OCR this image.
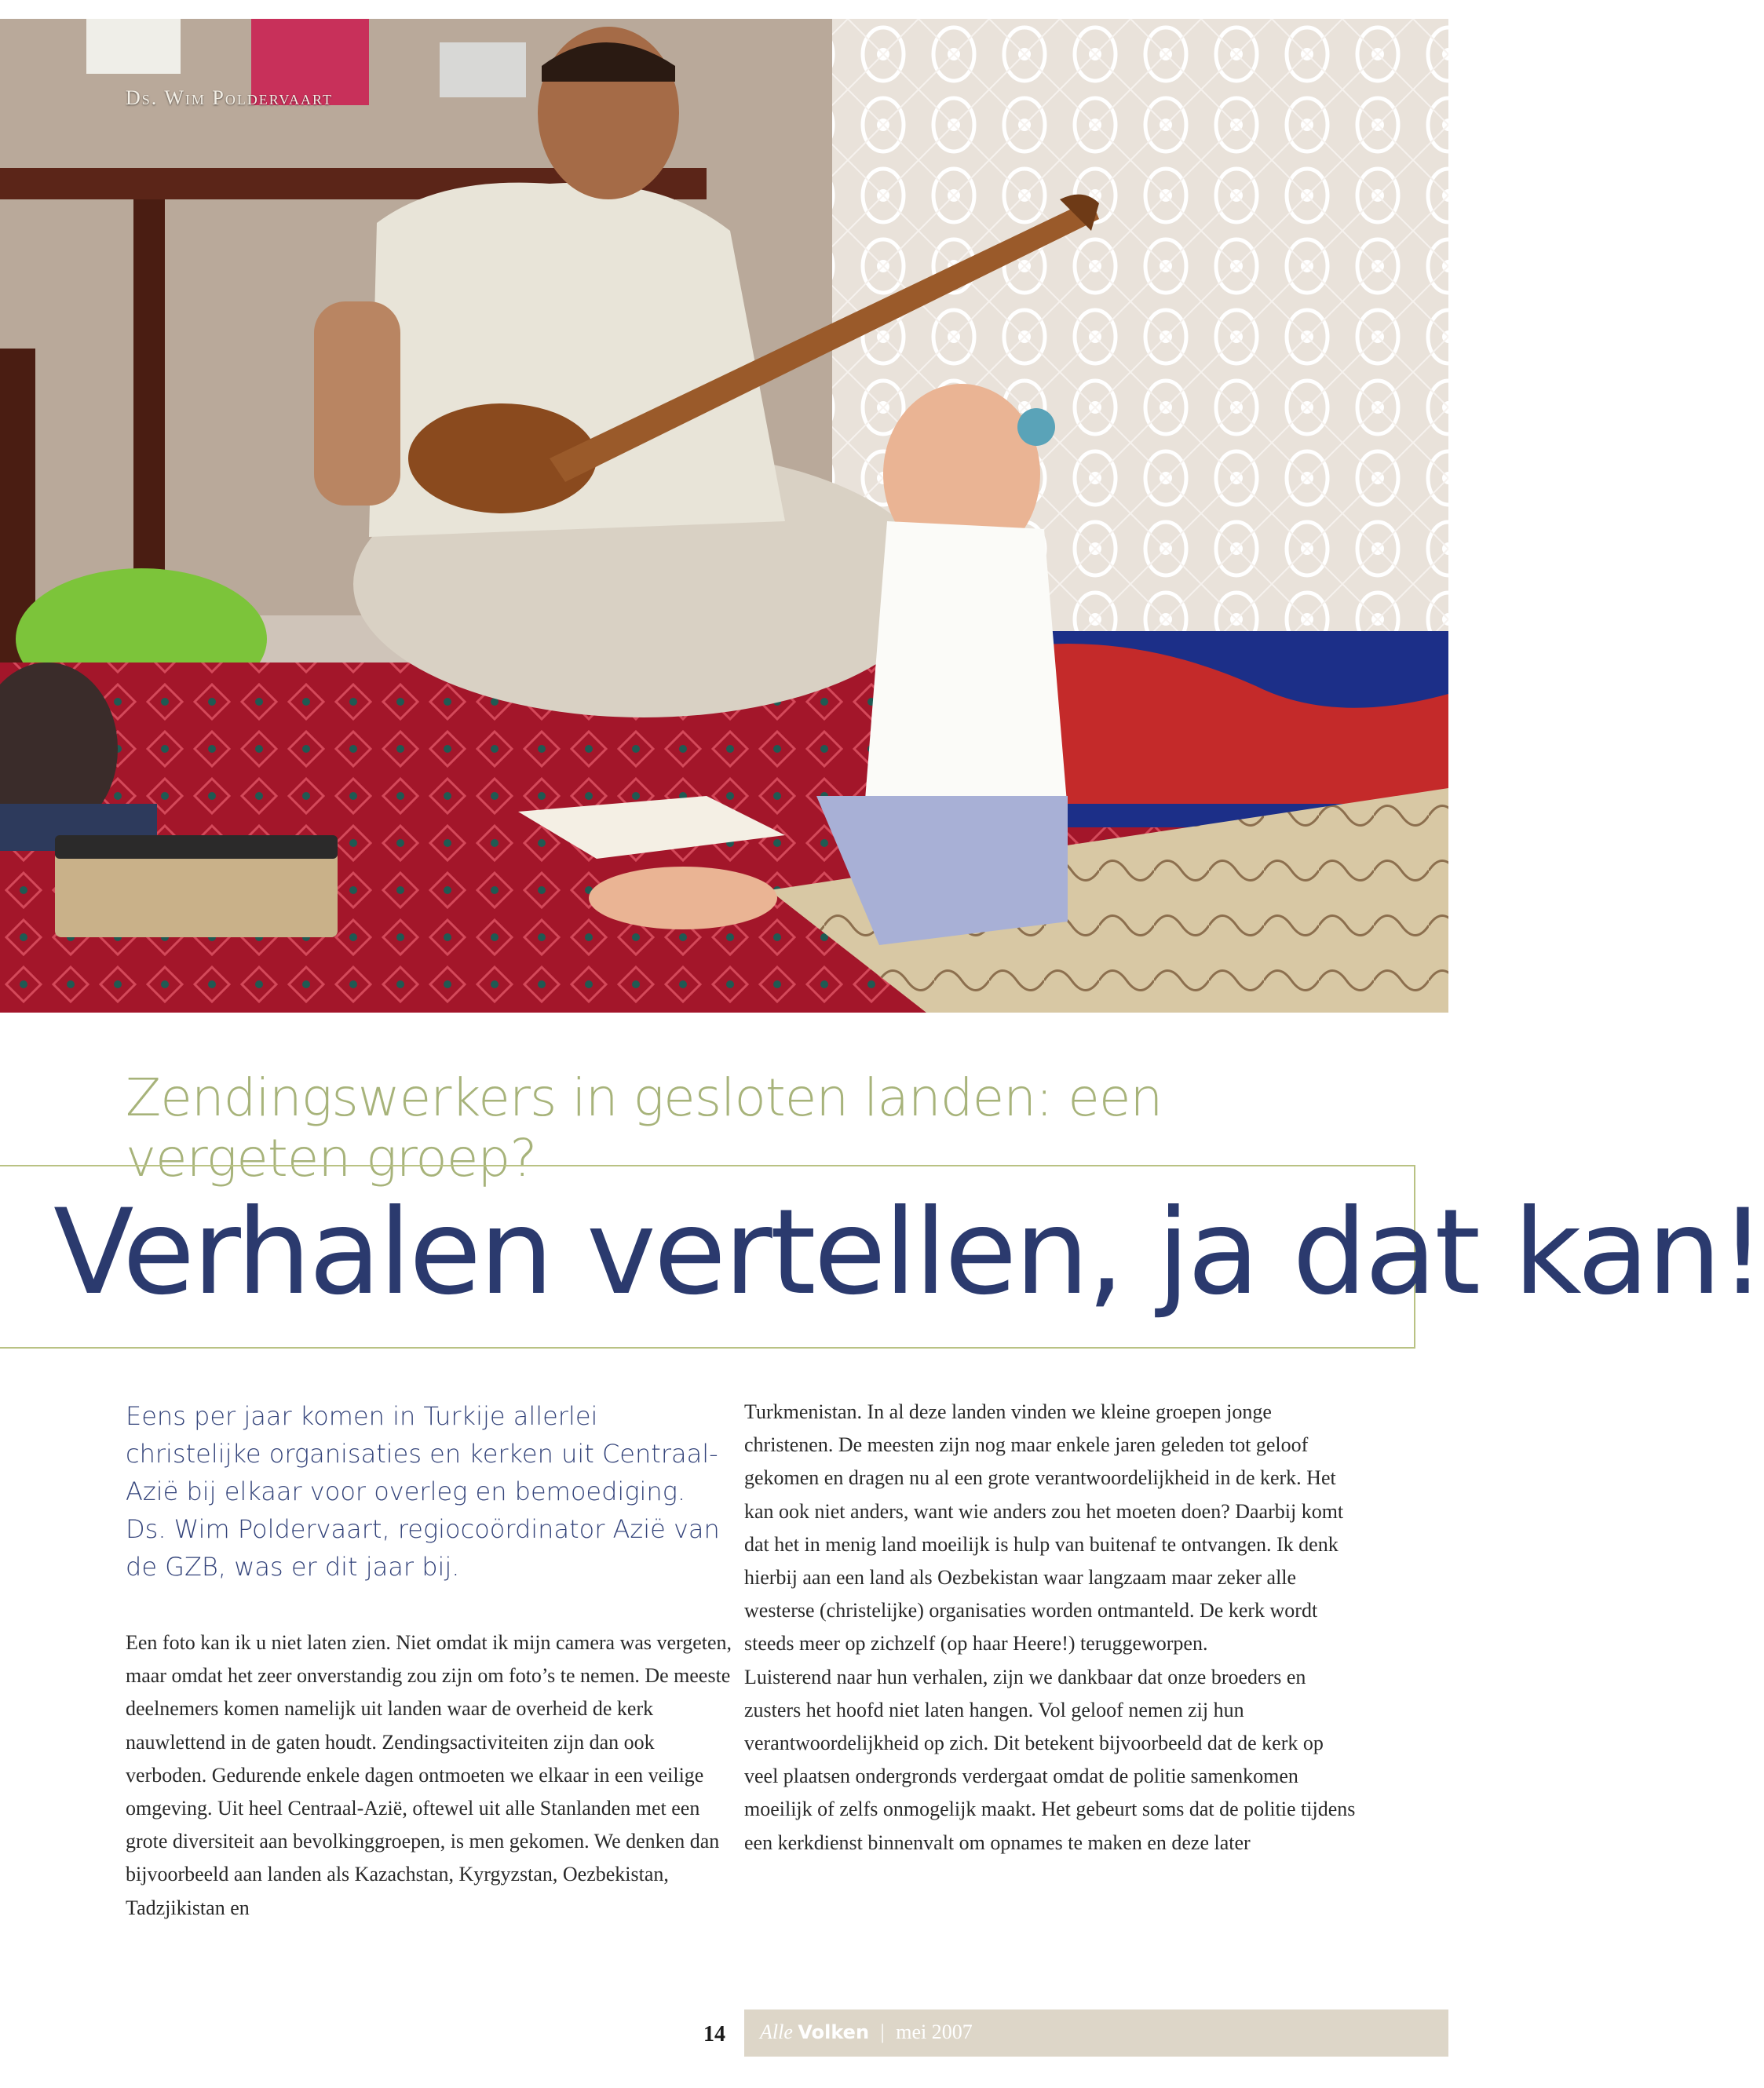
Ds. Wim Poldervaart
Zendingswerkers in gesloten landen: een vergeten groep?
Verhalen vertellen, ja dat kan!
Eens per jaar komen in Turkije allerlei christelijke organisaties en kerken uit Centraal-Azië bij elkaar voor overleg en bemoediging. Ds. Wim Poldervaart, regiocoördinator Azië van de GZB, was er dit jaar bij.

Een foto kan ik u niet laten zien. Niet omdat ik mijn camera was vergeten, maar omdat het zeer onverstandig zou zijn om foto’s te nemen. De meeste deelnemers komen namelijk uit landen waar de overheid de kerk nauwlettend in de gaten houdt. Zendingsactiviteiten zijn dan ook verboden. Gedurende enkele dagen ontmoeten we elkaar in een veilige omgeving. Uit heel Centraal-Azië, oftewel uit alle Stanlanden met een grote diversiteit aan bevolkinggroepen, is men gekomen. We denken dan bijvoorbeeld aan landen als Kazachstan, Kyrgyzstan, Oezbekistan, Tadzjikistan en

Turkmenistan. In al deze landen vinden we kleine groepen jonge christenen. De meesten zijn nog maar enkele jaren geleden tot geloof gekomen en dragen nu al een grote verantwoordelijkheid in de kerk. Het kan ook niet anders, want wie anders zou het moeten doen? Daarbij komt dat het in menig land moeilijk is hulp van buitenaf te ontvangen. Ik denk hierbij aan een land als Oezbekistan waar langzaam maar zeker alle westerse (christelijke) organisaties worden ontmanteld. De kerk wordt steeds meer op zichzelf (op haar Heere!) teruggeworpen.

Luisterend naar hun verhalen, zijn we dankbaar dat onze broeders en zusters het hoofd niet laten hangen. Vol geloof nemen zij hun verantwoordelijkheid op zich. Dit betekent bijvoorbeeld dat de kerk op veel plaatsen ondergronds verdergaat omdat de politie samenkomen moeilijk of zelfs onmogelijk maakt. Het gebeurt soms dat de politie tijdens een kerkdienst binnenvalt om opnames te maken en deze later

14 Alle Volken | mei 2007
